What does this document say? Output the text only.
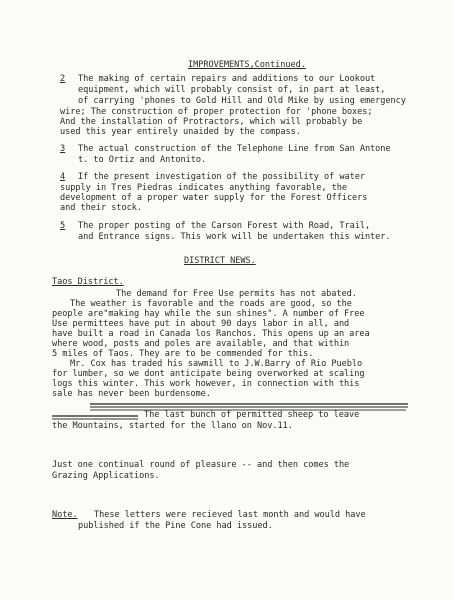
IMPROVEMENTS,Continued.
2 The making of certain repairs and additions to our Lookout
equipment, which will probably consist of, in part at least,
of carrying 'phones to Gold Hill and Old Mike by using emergency
wire; The construction of proper protection for 'phone boxes;
And the installation of Protractors, which will probably be
used this year entirely unaided by the compass.
3 The actual construction of the Telephone Line from San Antone
t. to Ortiz and Antonito.
4 If the present investigation of the possibility of water
supply in Tres Piedras indicates anything favorable, the
development of a proper water supply for the Forest Officers
and their stock.
5 The proper posting of the Carson Forest with Road, Trail,
and Entrance signs. This work will be undertaken this winter.
DISTRICT NEWS.
Taos District.
The demand for Free Use permits has not abated.
The weather is favorable and the roads are good, so the
people are"making hay while the sun shines". A number of Free
Use permittees have put in about 90 days labor in all, and
have built a road in Canada los Ranchos. This opens up an area
where wood, posts and poles are available, and that within
5 miles of Taos. They are to be commended for this.
Mr. Cox has traded his sawmill to J.W.Barry of Rio Pueblo
for lumber, so we dont anticipate being overworked at scaling
logs this winter. This work however, in connection with this
sale has never been burdensome.
The last bunch of permitted sheep to leave
the Mountains, started for the llano on Nov.11.
Just one continual round of pleasure -- and then comes the
Grazing Applications.
Note. These letters were recieved last month and would have
published if the Pine Cone had issued.
